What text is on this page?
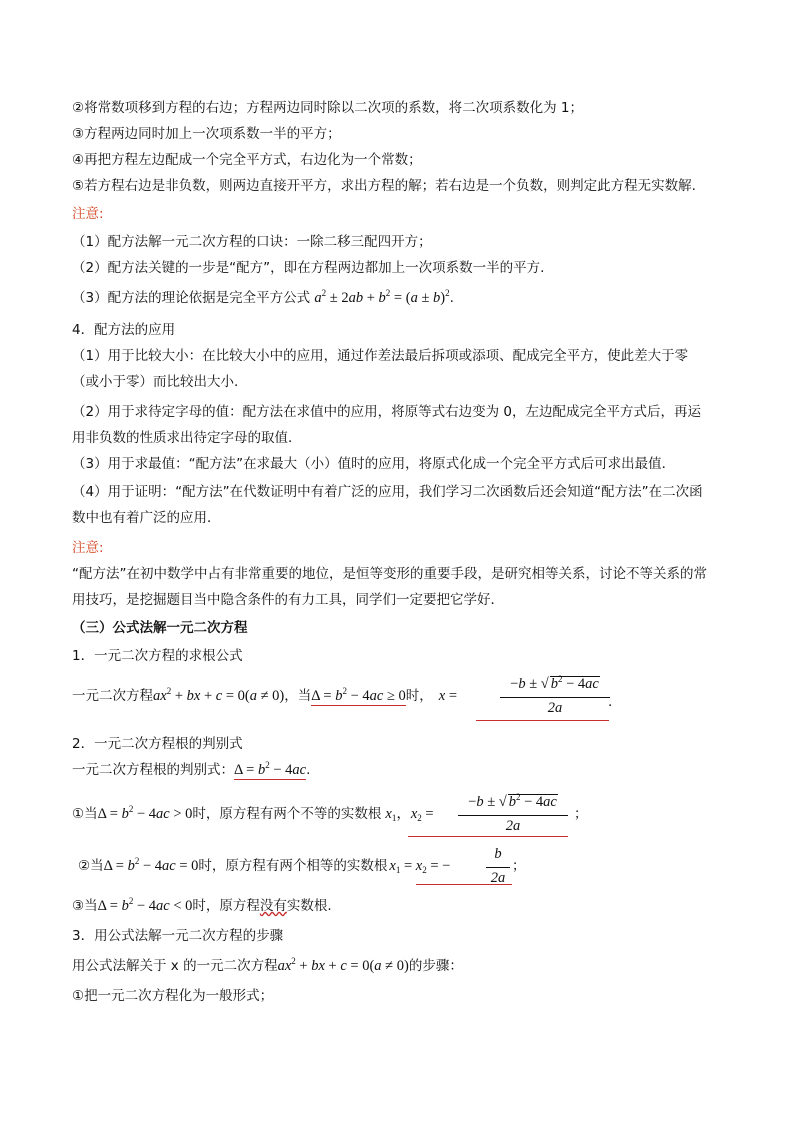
②将常数项移到方程的右边；方程两边同时除以二次项的系数，将二次项系数化为 1；
③方程两边同时加上一次项系数一半的平方；
④再把方程左边配成一个完全平方式，右边化为一个常数；
⑤若方程右边是非负数，则两边直接开平方，求出方程的解；若右边是一个负数，则判定此方程无实数解.
注意:
（1）配方法解一元二次方程的口诀：一除二移三配四开方；
（2）配方法关键的一步是“配方”，即在方程两边都加上一次项系数一半的平方.
（3）配方法的理论依据是完全平方公式 $a^2 \pm 2ab + b^2 = (a \pm b)^2$.
4．配方法的应用
（1）用于比较大小：在比较大小中的应用，通过作差法最后拆项或添项、配成完全平方，使此差大于零
（或小于零）而比较出大小.
（2）用于求待定字母的值：配方法在求值中的应用，将原等式右边变为 0，左边配成完全平方式后，再运
用非负数的性质求出待定字母的取值．
（3）用于求最值：“配方法”在求最大（小）值时的应用，将原式化成一个完全平方式后可求出最值．
（4）用于证明：“配方法”在代数证明中有着广泛的应用，我们学习二次函数后还会知道“配方法”在二次函
数中也有着广泛的应用．
注意:
“配方法”在初中数学中占有非常重要的地位，是恒等变形的重要手段，是研究相等关系，讨论不等关系的常
用技巧，是挖掘题目当中隐含条件的有力工具，同学们一定要把它学好．
（三）公式法解一元二次方程
1．一元二次方程的求根公式
一元二次方程$ax^2$ + bx + c = 0(a ≠ 0)，当$\Delta = b^2 - 4ac \ge 0$时， x =
−b ± √ $b^2 - 4ac$
2a	.
2．一元二次方程根的判别式
一元二次方程根的判别式：$\Delta = b^2 - 4ac$.
①当$\Delta = b^2 - 4ac > 0$时，原方程有两个不等的实数根 $x_1$，$x_2$ =
−b ± √ $b^2 - 4ac$
2a
；
②当$\Delta = b^2 - 4ac = 0$时，原方程有两个相等的实数根 $x_1 = x_2$ = −
b
2a
；
③当$\Delta = b^2 - 4ac < 0$时，原方程没有实数根.
3．用公式法解一元二次方程的步骤
用公式法解关于 x 的一元二次方程$ax^2$ + bx + c = 0(a ≠ 0)的步骤：
①把一元二次方程化为一般形式；
